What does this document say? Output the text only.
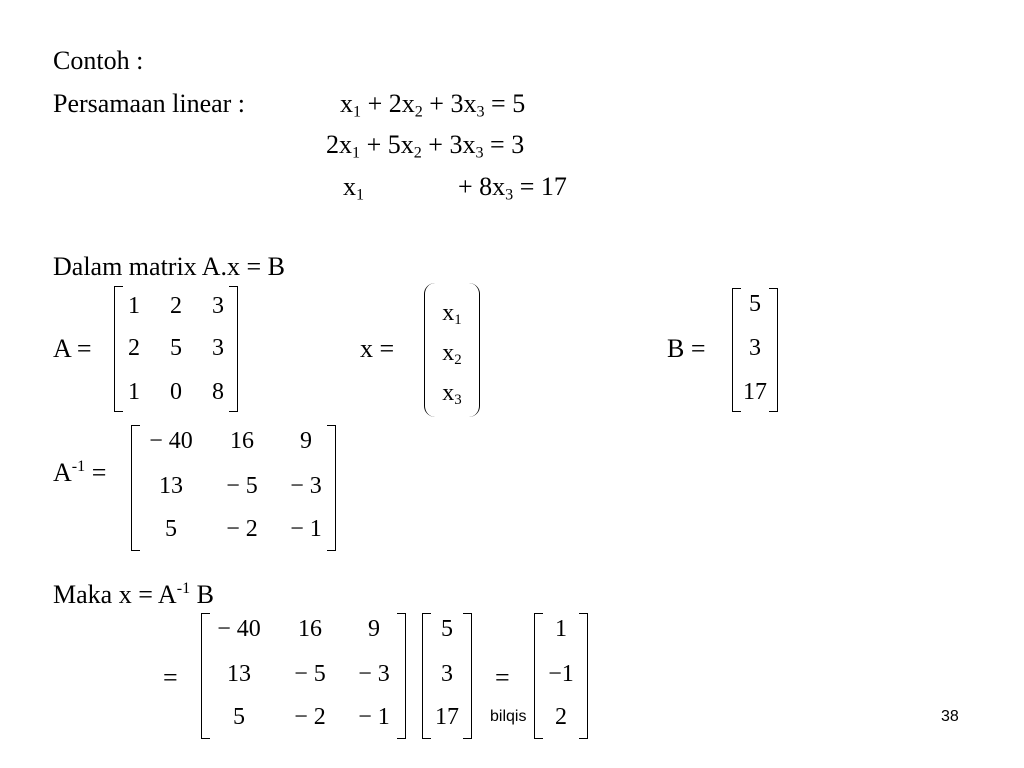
Contoh :
Persamaan linear :	$x_1 + 2x_2 + 3x_3 = 5$
$2x_1 + 5x_2 + 3x_3 = 3$
$x_1$	+ $8x_3 = 17$
Dalam matrix A.x = B
A =
1 2 3
2 5 3
1 0 8
x =
$x_1$
$x_2$
$x_3$
B =
5
3
17
$A^{-1}$ =
− 40 16 9
13 − 5 − 3
5 − 2 − 1
Maka $x = A^{-1}$ B
=
− 40 16 9
13 − 5 − 3
5 − 2 − 1
5
3
17
=
1
−1
2
bilqis	38
